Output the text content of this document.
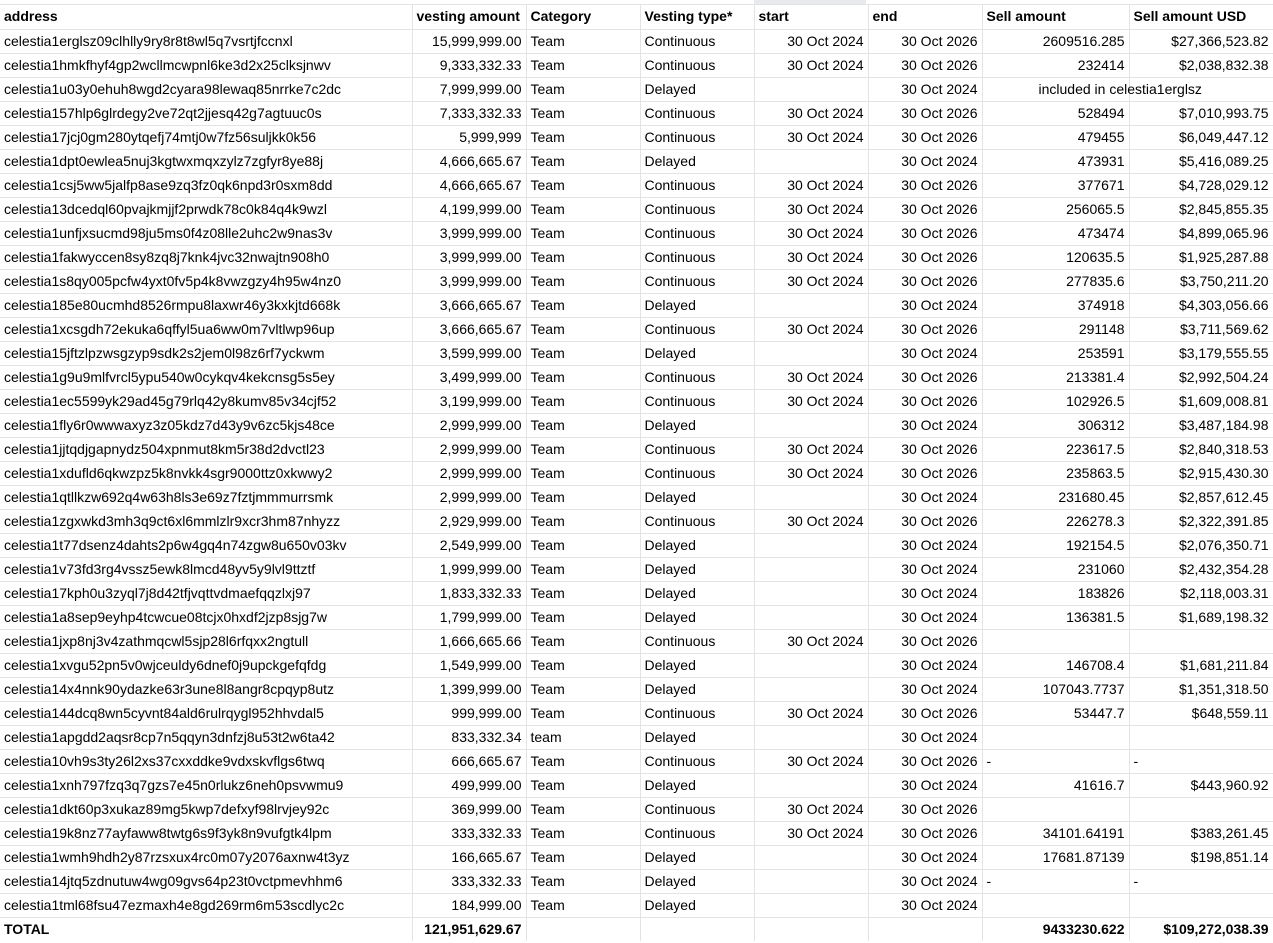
address	vesting amount	Category	Vesting type*	start	end	Sell amount	Sell amount USD
celestia1erglsz09clhlly9ry8r8t8wl5q7vsrtjfccnxl	15,999,999.00	Team	Continuous	30 Oct 2024	30 Oct 2026	2609516.285	$27,366,523.82
celestia1hmkfhyf4gp2wcllmcwpnl6ke3d2x25clksjnwv	9,333,332.33	Team	Continuous	30 Oct 2024	30 Oct 2026	232414	$2,038,832.38
celestia1u03y0ehuh8wgd2cyara98lewaq85nrrke7c2dc	7,999,999.00	Team	Delayed		30 Oct 2024	included in celestia1erglsz	
celestia157hlp6glrdegy2ve72qt2jjesq42g7agtuuc0s	7,333,332.33	Team	Continuous	30 Oct 2024	30 Oct 2026	528494	$7,010,993.75
celestia17jcj0gm280ytqefj74mtj0w7fz56suljkk0k56	5,999,999	Team	Continuous	30 Oct 2024	30 Oct 2026	479455	$6,049,447.12
celestia1dpt0ewlea5nuj3kgtwxmqxzylz7zgfyr8ye88j	4,666,665.67	Team	Delayed		30 Oct 2024	473931	$5,416,089.25
celestia1csj5ww5jalfp8ase9zq3fz0qk6npd3r0sxm8dd	4,666,665.67	Team	Continuous	30 Oct 2024	30 Oct 2026	377671	$4,728,029.12
celestia13dcedql60pvajkmjjf2prwdk78c0k84q4k9wzl	4,199,999.00	Team	Continuous	30 Oct 2024	30 Oct 2026	256065.5	$2,845,855.35
celestia1unfjxsucmd98ju5ms0f4z08lle2uhc2w9nas3v	3,999,999.00	Team	Continuous	30 Oct 2024	30 Oct 2026	473474	$4,899,065.96
celestia1fakwyccen8sy8zq8j7knk4jvc32nwajtn908h0	3,999,999.00	Team	Continuous	30 Oct 2024	30 Oct 2026	120635.5	$1,925,287.88
celestia1s8qy005pcfw4yxt0fv5p4k8vwzgzy4h95w4nz0	3,999,999.00	Team	Continuous	30 Oct 2024	30 Oct 2026	277835.6	$3,750,211.20
celestia185e80ucmhd8526rmpu8laxwr46y3kxkjtd668k	3,666,665.67	Team	Delayed		30 Oct 2024	374918	$4,303,056.66
celestia1xcsgdh72ekuka6qffyl5ua6ww0m7vltlwp96up	3,666,665.67	Team	Continuous	30 Oct 2024	30 Oct 2026	291148	$3,711,569.62
celestia15jftzlpzwsgzyp9sdk2s2jem0l98z6rf7yckwm	3,599,999.00	Team	Delayed		30 Oct 2024	253591	$3,179,555.55
celestia1g9u9mlfvrcl5ypu540w0cykqv4kekcnsg5s5ey	3,499,999.00	Team	Continuous	30 Oct 2024	30 Oct 2026	213381.4	$2,992,504.24
celestia1ec5599yk29ad45g79rlq42y8kumv85v34cjf52	3,199,999.00	Team	Continuous	30 Oct 2024	30 Oct 2026	102926.5	$1,609,008.81
celestia1fly6r0wwwaxyz3z05kdz7d43y9v6zc5kjs48ce	2,999,999.00	Team	Delayed		30 Oct 2024	306312	$3,487,184.98
celestia1jjtqdjgapnydz504xpnmut8km5r38d2dvctl23	2,999,999.00	Team	Continuous	30 Oct 2024	30 Oct 2026	223617.5	$2,840,318.53
celestia1xdufld6qkwzpz5k8nvkk4sgr9000ttz0xkwwy2	2,999,999.00	Team	Continuous	30 Oct 2024	30 Oct 2026	235863.5	$2,915,430.30
celestia1qtllkzw692q4w63h8ls3e69z7fztjmmmurrsmk	2,999,999.00	Team	Delayed		30 Oct 2024	231680.45	$2,857,612.45
celestia1zgxwkd3mh3q9ct6xl6mmlzlr9xcr3hm87nhyzz	2,929,999.00	Team	Continuous	30 Oct 2024	30 Oct 2026	226278.3	$2,322,391.85
celestia1t77dsenz4dahts2p6w4gq4n74zgw8u650v03kv	2,549,999.00	Team	Delayed		30 Oct 2024	192154.5	$2,076,350.71
celestia1v73fd3rg4vssz5ewk8lmcd48yv5y9lvl9ttztf	1,999,999.00	Team	Delayed		30 Oct 2024	231060	$2,432,354.28
celestia17kph0u3zyql7j8d42tfjvqttvdmaefqqzlxj97	1,833,332.33	Team	Delayed		30 Oct 2024	183826	$2,118,003.31
celestia1a8sep9eyhp4tcwcue08tcjx0hxdf2jzp8sjg7w	1,799,999.00	Team	Delayed		30 Oct 2024	136381.5	$1,689,198.32
celestia1jxp8nj3v4zathmqcwl5sjp28l6rfqxx2ngtull	1,666,665.66	Team	Continuous	30 Oct 2024	30 Oct 2026		
celestia1xvgu52pn5v0wjceuldy6dnef0j9upckgefqfdg	1,549,999.00	Team	Delayed		30 Oct 2024	146708.4	$1,681,211.84
celestia14x4nnk90ydazke63r3une8l8angr8cpqyp8utz	1,399,999.00	Team	Delayed		30 Oct 2024	107043.7737	$1,351,318.50
celestia144dcq8wn5cyvnt84ald6rulrqygl952hhvdal5	999,999.00	Team	Continuous	30 Oct 2024	30 Oct 2026	53447.7	$648,559.11
celestia1apgdd2aqsr8cp7n5qqyn3dnfzj8u53t2w6ta42	833,332.34	team	Delayed		30 Oct 2024		
celestia10vh9s3ty26l2xs37cxxddke9vdxskvflgs6twq	666,665.67	Team	Continuous	30 Oct 2024	30 Oct 2026	-	-
celestia1xnh797fzq3q7gzs7e45n0rlukz6neh0psvwmu9	499,999.00	Team	Delayed		30 Oct 2024	41616.7	$443,960.92
celestia1dkt60p3xukaz89mg5kwp7defxyf98lrvjey92c	369,999.00	Team	Continuous	30 Oct 2024	30 Oct 2026		
celestia19k8nz77ayfaww8twtg6s9f3yk8n9vufgtk4lpm	333,332.33	Team	Continuous	30 Oct 2024	30 Oct 2026	34101.64191	$383,261.45
celestia1wmh9hdh2y87rzsxux4rc0m07y2076axnw4t3yz	166,665.67	Team	Delayed		30 Oct 2024	17681.87139	$198,851.14
celestia14jtq5zdnutuw4wg09gvs64p23t0vctpmevhhm6	333,332.33	Team	Delayed		30 Oct 2024	-	-
celestia1tml68fsu47ezmaxh4e8gd269rm6m53scdlyc2c	184,999.00	Team	Delayed		30 Oct 2024		
TOTAL	121,951,629.67					9433230.622	$109,272,038.39
